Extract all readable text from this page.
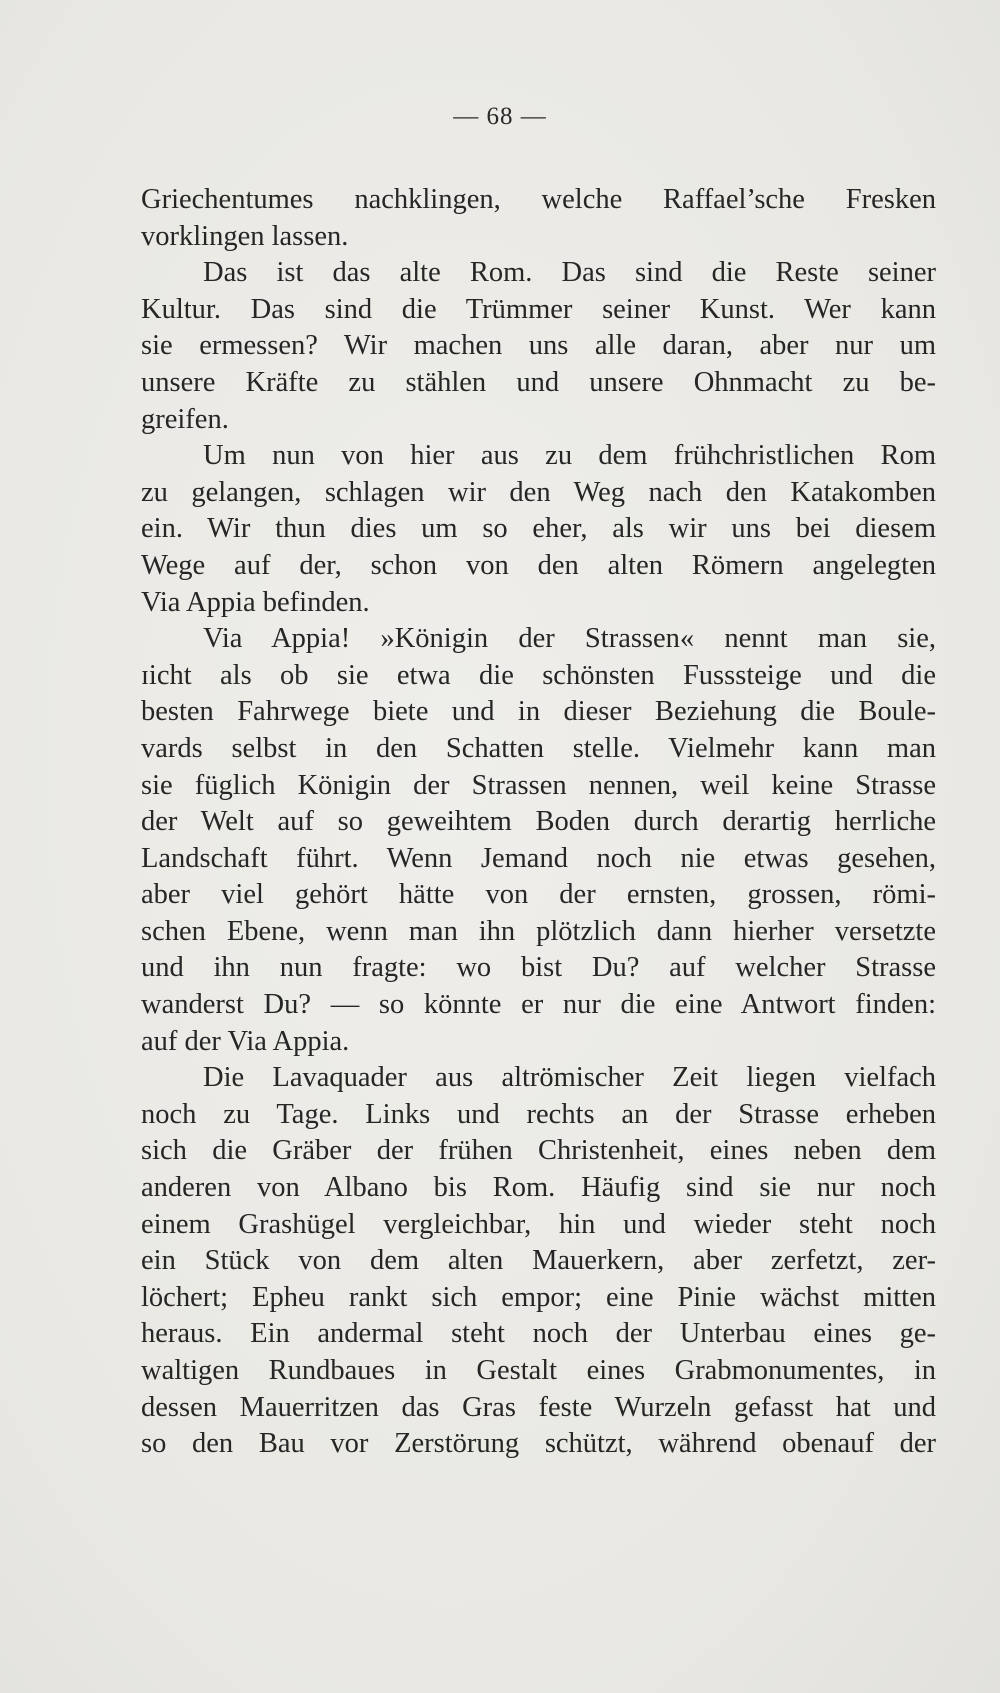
— 68 —
Griechentumes nachklingen, welche Raffael’sche Fresken
vorklingen lassen.
Das ist das alte Rom. Das sind die Reste seiner
Kultur. Das sind die Trümmer seiner Kunst. Wer kann
sie ermessen? Wir machen uns alle daran, aber nur um
unsere Kräfte zu stählen und unsere Ohnmacht zu be-
greifen.
Um nun von hier aus zu dem frühchristlichen Rom
zu gelangen, schlagen wir den Weg nach den Katakomben
ein. Wir thun dies um so eher, als wir uns bei diesem
Wege auf der, schon von den alten Römern angelegten
Via Appia befinden.
Via Appia! »Königin der Strassen« nennt man sie,
ɪicht als ob sie etwa die schönsten Fusssteige und die
besten Fahrwege biete und in dieser Beziehung die Boule-
vards selbst in den Schatten stelle. Vielmehr kann man
sie füglich Königin der Strassen nennen, weil keine Strasse
der Welt auf so geweihtem Boden durch derartig herrliche
Landschaft führt. Wenn Jemand noch nie etwas gesehen,
aber viel gehört hätte von der ernsten, grossen, römi-
schen Ebene, wenn man ihn plötzlich dann hierher versetzte
und ihn nun fragte: wo bist Du? auf welcher Strasse
wanderst Du? — so könnte er nur die eine Antwort finden:
auf der Via Appia.
Die Lavaquader aus altrömischer Zeit liegen vielfach
noch zu Tage. Links und rechts an der Strasse erheben
sich die Gräber der frühen Christenheit, eines neben dem
anderen von Albano bis Rom. Häufig sind sie nur noch
einem Grashügel vergleichbar, hin und wieder steht noch
ein Stück von dem alten Mauerkern, aber zerfetzt, zer-
löchert; Epheu rankt sich empor; eine Pinie wächst mitten
heraus. Ein andermal steht noch der Unterbau eines ge-
waltigen Rundbaues in Gestalt eines Grabmonumentes, in
dessen Mauerritzen das Gras feste Wurzeln gefasst hat und
so den Bau vor Zerstörung schützt, während obenauf der
